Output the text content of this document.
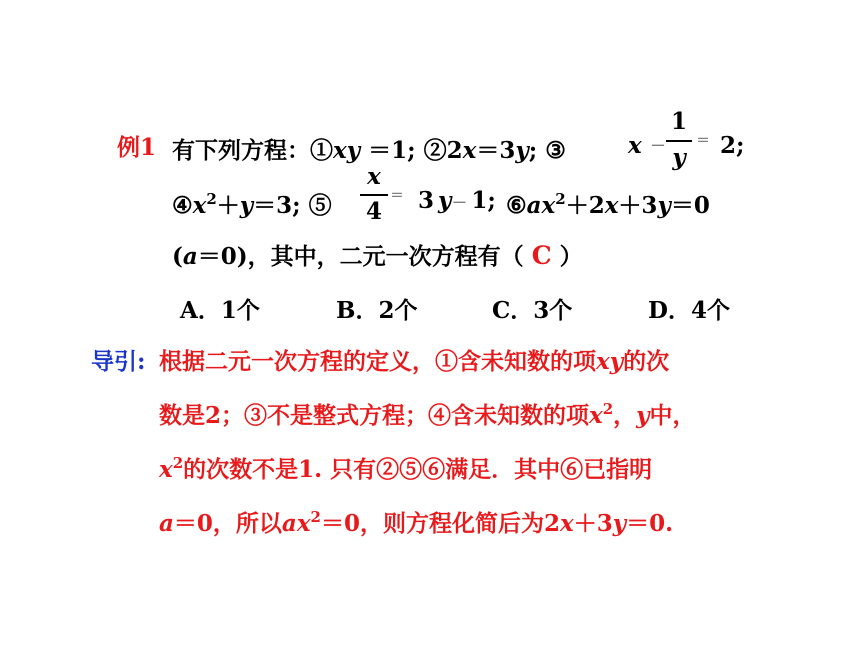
例1 有下列方程：①xy ＝1; ②2x＝3y; ③	x －
1
y
＝ 2;
$④x^2+y=3$; ⑤
x
4
＝ 3 y－ 1; $⑥ax^2+2x+3y=0$
(a＝0)，其中，二元一次方程有（ C ）
A．1个	B．2个	C．3个	D．4个
导引: 根据二元一次方程的定义，①含未知数的项xy的次
数是2；③不是整式方程；④含未知数的项$x^2$，y中，
$x^2$的次数不是1. 只有②⑤⑥满足．其中⑥已指明
a＝0，所以$ax^2=0$，则方程化简后为2x＋3y＝0.
